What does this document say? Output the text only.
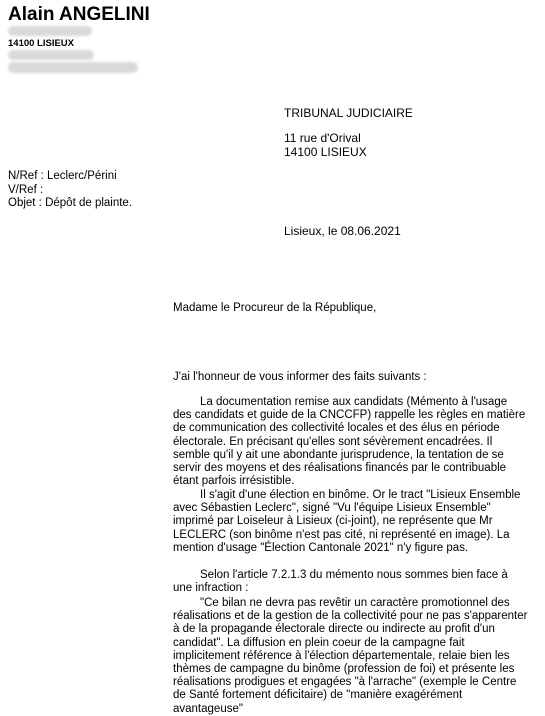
Alain ANGELINI
14100 LISIEUX
TRIBUNAL JUDICIAIRE
11 rue d'Orival
14100 LISIEUX
N/Ref : Leclerc/Périni
V/Ref :
Objet : Dépôt de plainte.
Lisieux, le 08.06.2021
Madame le Procureur de la République,
J'ai l'honneur de vous informer des faits suivants :

La documentation remise aux candidats (Mémento à l'usage des candidats et guide de la CNCCFP) rappelle les règles en matière de communication des collectivité locales et des élus en période électorale. En précisant qu'elles sont sévèrement encadrées. Il semble qu'il y ait une abondante jurisprudence, la tentation de se servir des moyens et des réalisations financés par le contribuable étant parfois irrésistible.

Il s'agit d'une élection en binôme. Or le tract "Lisieux Ensemble avec Sébastien Leclerc", signé "Vu l'équipe Lisieux Ensemble" imprimé par Loiseleur à Lisieux (ci-joint), ne représente que Mr LECLERC (son binôme n'est pas cité, ni représenté en image). La mention d'usage "Élection Cantonale 2021" n'y figure pas.

Selon l'article 7.2.1.3 du mémento nous sommes bien face à une infraction :

"Ce bilan ne devra pas revêtir un caractère promotionnel des réalisations et de la gestion de la collectivité pour ne pas s'apparenter à de la propagande électorale directe ou indirecte au profit d'un candidat". La diffusion en plein coeur de la campagne fait implicitement référence à l'élection départementale, relaie bien les thèmes de campagne du binôme (profession de foi) et présente les réalisations prodigues et engagées "à l'arrache" (exemple le Centre de Santé fortement déficitaire) de "manière exagérément avantageuse"
